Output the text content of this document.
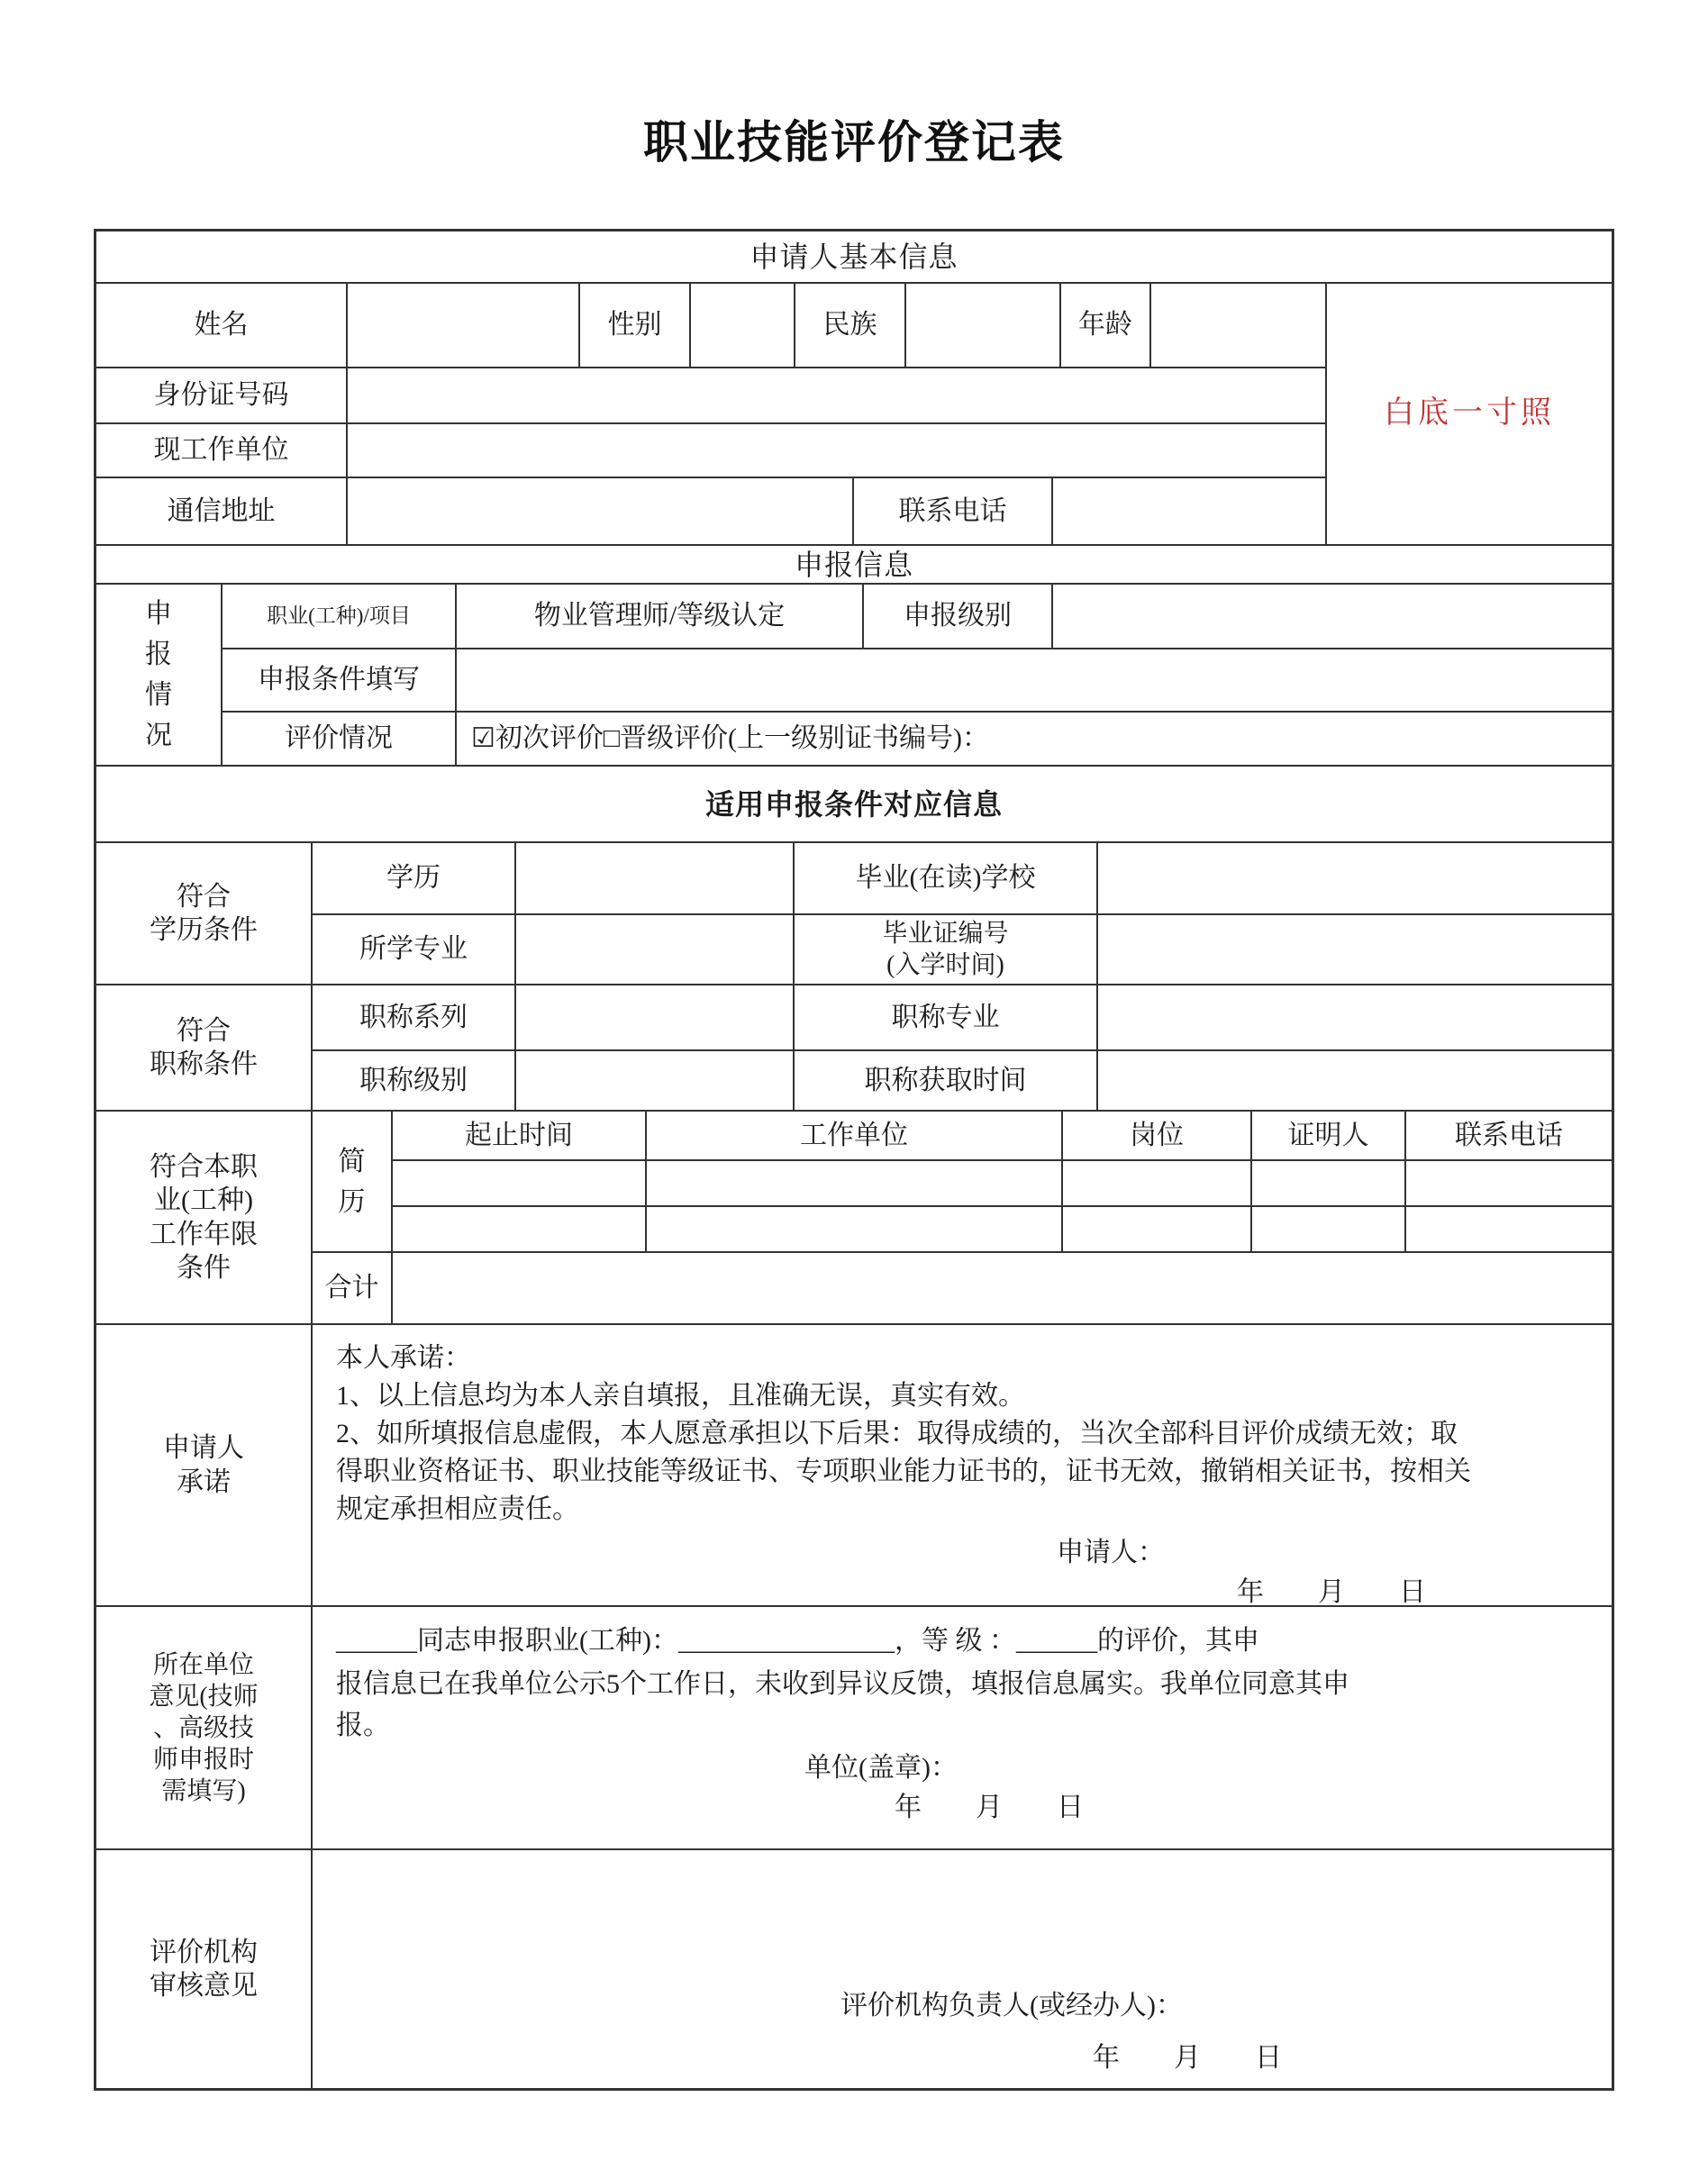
职业技能评价登记表
申请人基本信息
姓名	性别	民族	年龄
身份证号码
现工作单位
通信地址	联系电话
白底一寸照
申报信息
申
报
情
况
职业(工种)/项目	物业管理师/等级认定	申报级别
申报条件填写
评价情况	☑初次评价□晋级评价(上一级别证书编号)：
适用申报条件对应信息
符合
学历条件
学历	毕业(在读)学校
所学专业
毕业证编号
(入学时间)
符合
职称条件
职称系列	职称专业
职称级别	职称获取时间
符合本职
业(工种)
工作年限
条件
简
历
起止时间	工作单位	岗位	证明人	联系电话
合计
申请人
承诺
本人承诺：
1、以上信息均为本人亲自填报，且准确无误，真实有效。
2、如所填报信息虚假，本人愿意承担以下后果：取得成绩的，当次全部科目评价成绩无效；取
得职业资格证书、职业技能等级证书、专项职业能力证书的，证书无效，撤销相关证书，按相关
规定承担相应责任。
申请人：
年　　月　　日
所在单位
意见(技师
、高级技
师申报时
需填写)
______同志申报职业(工种)：________________，等 级 ：______的评价，其申
报信息已在我单位公示5个工作日，未收到异议反馈，填报信息属实。我单位同意其申
报。
单位(盖章)：
年　　月　　日
评价机构
审核意见
评价机构负责人(或经办人)：
年　　月　　日
